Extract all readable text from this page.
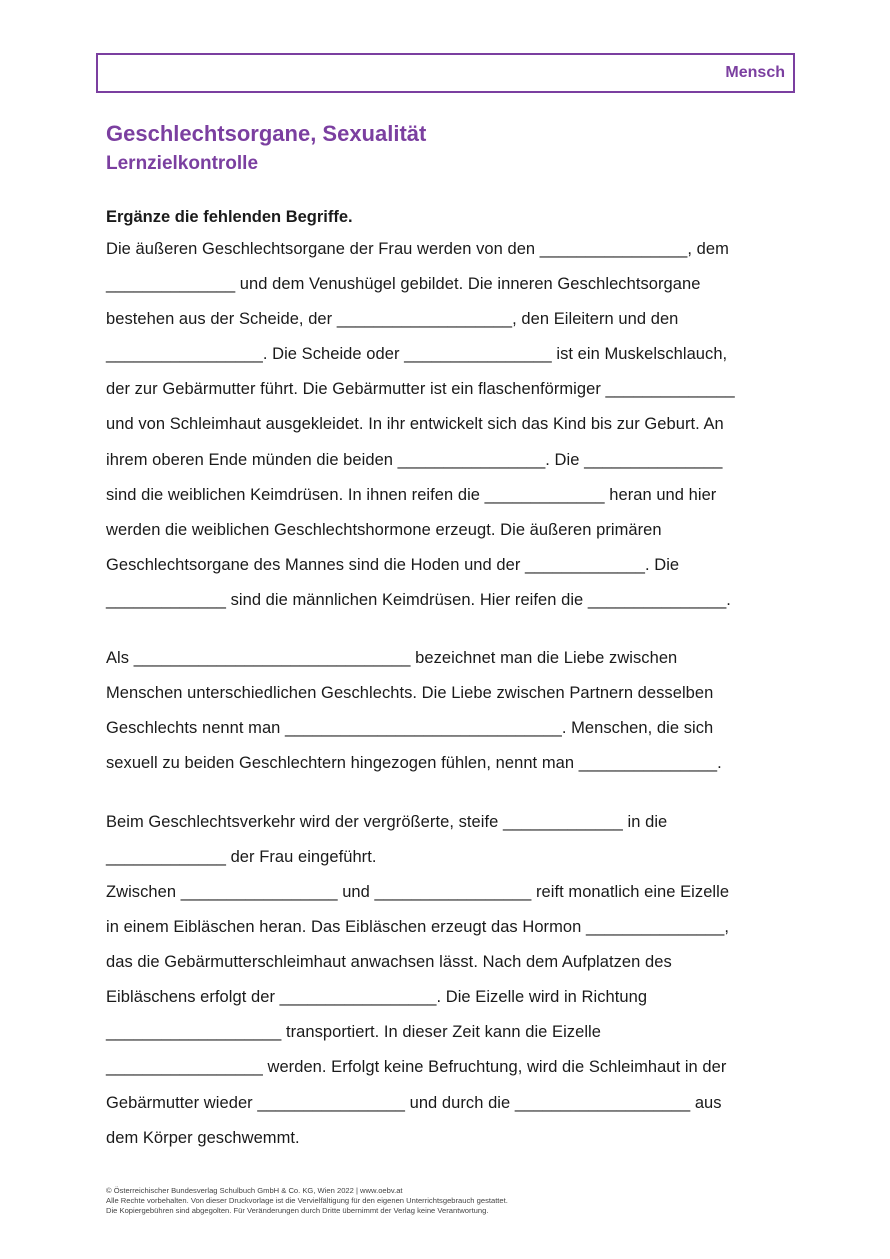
Mensch
Geschlechtsorgane, Sexualität
Lernzielkontrolle
Ergänze die fehlenden Begriffe.
Die äußeren Geschlechtsorgane der Frau werden von den ________________, dem
______________ und dem Venushügel gebildet. Die inneren Geschlechtsorgane
bestehen aus der Scheide, der ___________________, den Eileitern und den
_________________. Die Scheide oder ________________ ist ein Muskelschlauch,
der zur Gebärmutter führt. Die Gebärmutter ist ein flaschenförmiger ______________
und von Schleimhaut ausgekleidet. In ihr entwickelt sich das Kind bis zur Geburt. An
ihrem oberen Ende münden die beiden ________________. Die _______________
sind die weiblichen Keimdrüsen. In ihnen reifen die _____________ heran und hier
werden die weiblichen Geschlechtshormone erzeugt. Die äußeren primären
Geschlechtsorgane des Mannes sind die Hoden und der _____________. Die
_____________ sind die männlichen Keimdrüsen. Hier reifen die _______________.
Als ______________________________ bezeichnet man die Liebe zwischen
Menschen unterschiedlichen Geschlechts. Die Liebe zwischen Partnern desselben
Geschlechts nennt man ______________________________. Menschen, die sich
sexuell zu beiden Geschlechtern hingezogen fühlen, nennt man _______________.
Beim Geschlechtsverkehr wird der vergrößerte, steife _____________ in die
_____________ der Frau eingeführt.
Zwischen _________________ und _________________ reift monatlich eine Eizelle
in einem Eibläschen heran. Das Eibläschen erzeugt das Hormon _______________,
das die Gebärmutterschleimhaut anwachsen lässt. Nach dem Aufplatzen des
Eibläschens erfolgt der _________________. Die Eizelle wird in Richtung
___________________ transportiert. In dieser Zeit kann die Eizelle
_________________ werden. Erfolgt keine Befruchtung, wird die Schleimhaut in der
Gebärmutter wieder ________________ und durch die ___________________ aus
dem Körper geschwemmt.
© Österreichischer Bundesverlag Schulbuch GmbH & Co. KG, Wien 2022 | www.oebv.at
Alle Rechte vorbehalten. Von dieser Druckvorlage ist die Vervielfältigung für den eigenen Unterrichtsgebrauch gestattet.
Die Kopiergebühren sind abgegolten. Für Veränderungen durch Dritte übernimmt der Verlag keine Verantwortung.
